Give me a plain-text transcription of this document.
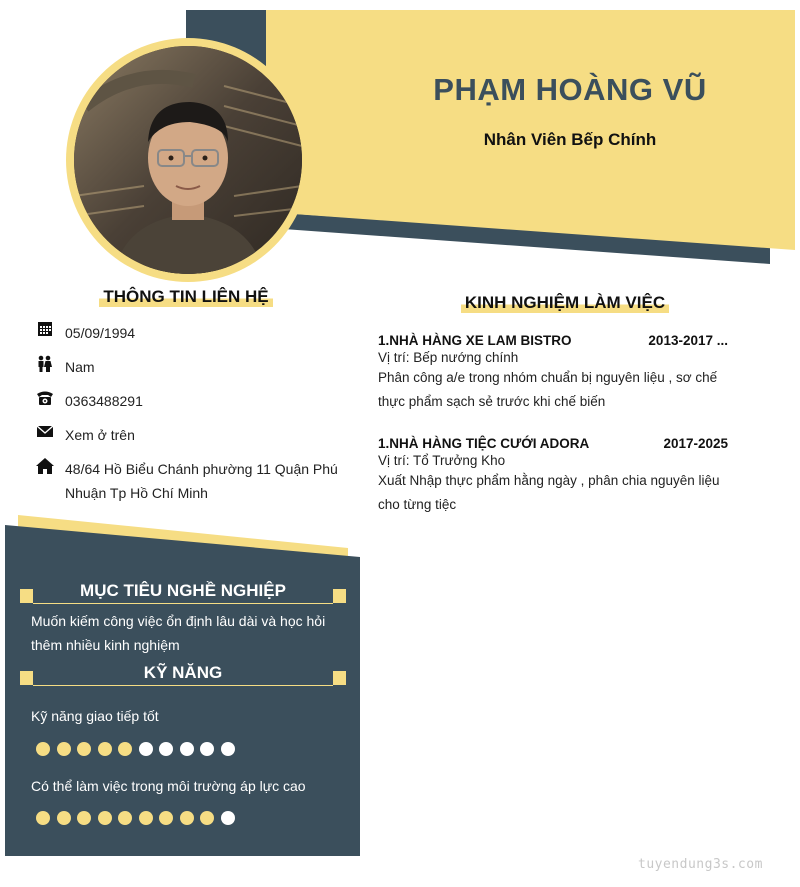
PHẠM HOÀNG VŨ
Nhân Viên Bếp Chính
THÔNG TIN LIÊN HỆ
05/09/1994
Nam
0363488291
Xem ở trên
48/64 Hồ Biểu Chánh phường 11 Quận Phú Nhuận Tp Hồ Chí Minh
KINH NGHIỆM LÀM VIỆC
1.NHÀ HÀNG XE LAM BISTRO	2013-2017 ...
Vị trí: Bếp nướng chính
Phân công a/e trong nhóm chuẩn bị nguyên liệu , sơ chế thực phẩm sạch sẻ trước khi chế biến
1.NHÀ HÀNG TIỆC CƯỚI ADORA	2017-2025
Vị trí: Tổ Trưởng Kho
Xuất Nhập thực phẩm hằng ngày , phân chia nguyên liệu cho từng tiệc
MỤC TIÊU NGHỀ NGHIỆP
Muốn kiếm công việc ổn định lâu dài và học hỏi thêm nhiều kinh nghiệm
KỸ NĂNG
Kỹ năng giao tiếp tốt
Có thể làm việc trong môi trường áp lực cao
tuyendung3s.com
